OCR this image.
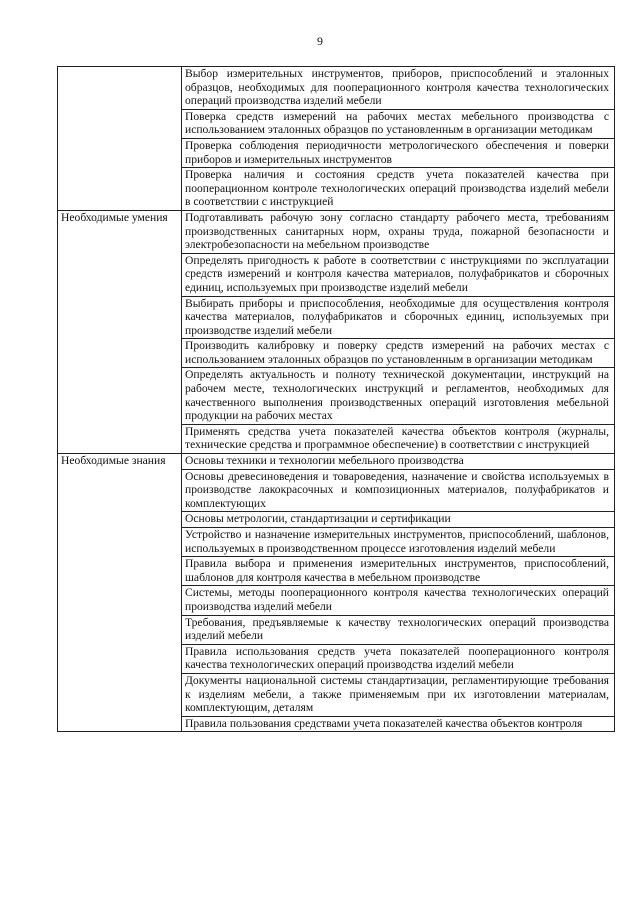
9
	Выбор измерительных инструментов, приборов, приспособлений и эталонных образцов, необходимых для пооперационного контроля качества технологических операций производства изделий мебели
	Поверка средств измерений на рабочих местах мебельного производства с использованием эталонных образцов по установленным в организации методикам
	Проверка соблюдения периодичности метрологического обеспечения и поверки приборов и измерительных инструментов
	Проверка наличия и состояния средств учета показателей качества при пооперационном контроле технологических операций производства изделий мебели в соответствии с инструкцией
Необходимые умения	Подготавливать рабочую зону согласно стандарту рабочего места, требованиям производственных санитарных норм, охраны труда, пожарной безопасности и электробезопасности на мебельном производстве
	Определять пригодность к работе в соответствии с инструкциями по эксплуатации средств измерений и контроля качества материалов, полуфабрикатов и сборочных единиц, используемых при производстве изделий мебели
	Выбирать приборы и приспособления, необходимые для осуществления контроля качества материалов, полуфабрикатов и сборочных единиц, используемых при производстве изделий мебели
	Производить калибровку и поверку средств измерений на рабочих местах с использованием эталонных образцов по установленным в организации методикам
	Определять актуальность и полноту технической документации, инструкций на рабочем месте, технологических инструкций и регламентов, необходимых для качественного выполнения производственных операций изготовления мебельной продукции на рабочих местах
	Применять средства учета показателей качества объектов контроля (журналы, технические средства и программное обеспечение) в соответствии с инструкцией
Необходимые знания	Основы техники и технологии мебельного производства
	Основы древесиноведения и товароведения, назначение и свойства используемых в производстве лакокрасочных и композиционных материалов, полуфабрикатов и комплектующих
	Основы метрологии, стандартизации и сертификации
	Устройство и назначение измерительных инструментов, приспособлений, шаблонов, используемых в производственном процессе изготовления изделий мебели
	Правила выбора и применения измерительных инструментов, приспособлений, шаблонов для контроля качества в мебельном производстве
	Системы, методы пооперационного контроля качества технологических операций производства изделий мебели
	Требования, предъявляемые к качеству технологических операций производства изделий мебели
	Правила использования средств учета показателей пооперационного контроля качества технологических операций производства изделий мебели
	Документы национальной системы стандартизации, регламентирующие требования к изделиям мебели, а также применяемым при их изготовлении материалам, комплектующим, деталям
	Правила пользования средствами учета показателей качества объектов контроля
